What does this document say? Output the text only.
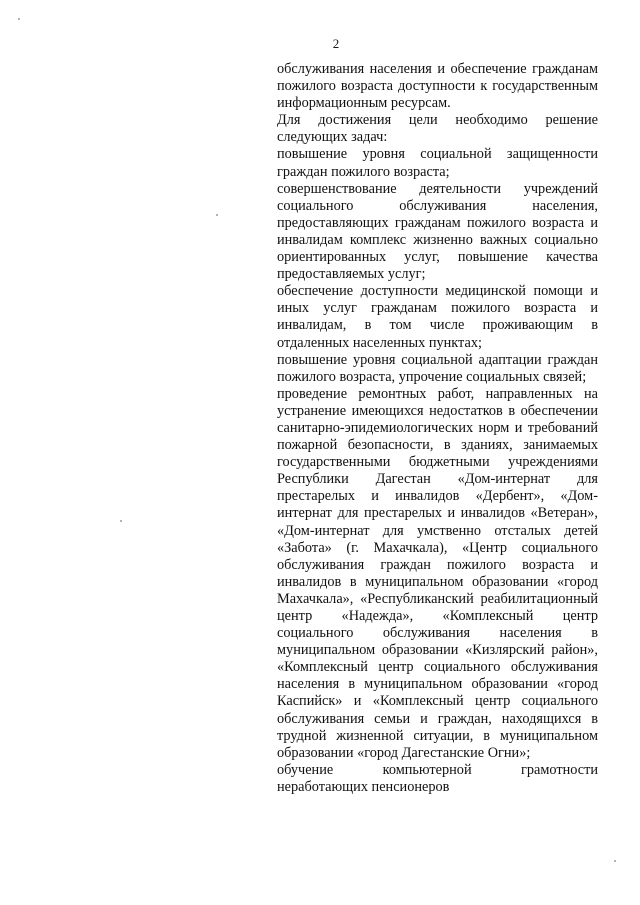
2

обслуживания населения и обеспечение гражданам пожилого возраста доступности к государственным информационным ресурсам.

Для достижения цели необходимо решение следующих задач:

повышение уровня социальной защищенности граждан пожилого возраста;

совершенствование деятельности учреждений социального обслуживания населения, предоставляющих гражданам пожилого возраста и инвалидам комплекс жизненно важных социально ориентированных услуг, повышение качества предоставляемых услуг;

обеспечение доступности медицинской помощи и иных услуг гражданам пожилого возраста и инвалидам, в том числе проживающим в отдаленных населенных пунктах;

повышение уровня социальной адаптации граждан пожилого возраста, упрочение социальных связей;

проведение ремонтных работ, направленных на устранение имеющихся недостатков в обеспечении санитарно-эпидемиологических норм и требований пожарной безопасности, в зданиях, занимаемых государственными бюджетными учреждениями Республики Дагестан «Дом-интернат для престарелых и инвалидов «Дербент», «Дом-интернат для престарелых и инвалидов «Ветеран», «Дом-интернат для умственно отсталых детей «Забота» (г. Махачкала), «Центр социального обслуживания граждан пожилого возраста и инвалидов в муниципальном образовании «город Махачкала», «Республиканский реабилитационный центр «Надежда», «Комплексный центр социального обслуживания населения в муниципальном образовании «Кизлярский район», «Комплексный центр социального обслуживания населения в муниципальном образовании «город Каспийск» и «Комплексный центр социального обслуживания семьи и граждан, находящихся в трудной жизненной ситуации, в муниципальном образовании «город Дагестанские Огни»;

обучение компьютерной грамотности неработающих пенсионеров
